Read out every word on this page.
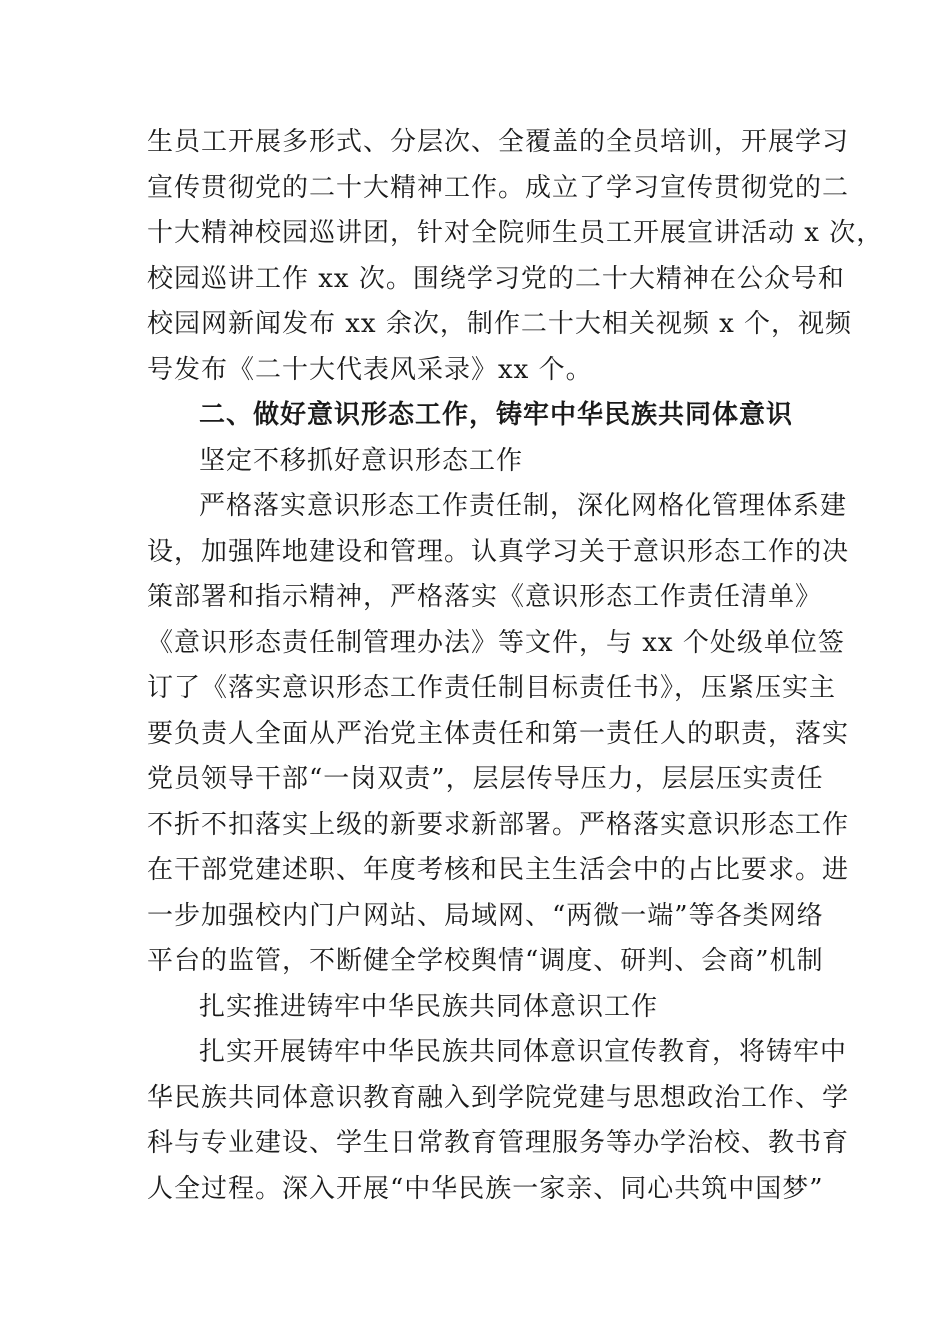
生员工开展多形式、分层次、全覆盖的全员培训，开展学习
宣传贯彻党的二十大精神工作。成立了学习宣传贯彻党的二
十大精神校园巡讲团，针对全院师生员工开展宣讲活动 x 次，
校园巡讲工作 xx 次。围绕学习党的二十大精神在公众号和
校园网新闻发布 xx 余次，制作二十大相关视频 x 个，视频
号发布《二十大代表风采录》xx 个。
二、做好意识形态工作，铸牢中华民族共同体意识
坚定不移抓好意识形态工作
严格落实意识形态工作责任制，深化网格化管理体系建
设，加强阵地建设和管理。认真学习关于意识形态工作的决
策部署和指示精神，严格落实《意识形态工作责任清单》
《意识形态责任制管理办法》等文件，与 xx 个处级单位签
订了《落实意识形态工作责任制目标责任书》，压紧压实主
要负责人全面从严治党主体责任和第一责任人的职责，落实
党员领导干部“一岗双责”，层层传导压力，层层压实责任
不折不扣落实上级的新要求新部署。严格落实意识形态工作
在干部党建述职、年度考核和民主生活会中的占比要求。进
一步加强校内门户网站、局域网、“两微一端”等各类网络
平台的监管，不断健全学校舆情“调度、研判、会商”机制
扎实推进铸牢中华民族共同体意识工作
扎实开展铸牢中华民族共同体意识宣传教育，将铸牢中
华民族共同体意识教育融入到学院党建与思想政治工作、学
科与专业建设、学生日常教育管理服务等办学治校、教书育
人全过程。深入开展“中华民族一家亲、同心共筑中国梦”
